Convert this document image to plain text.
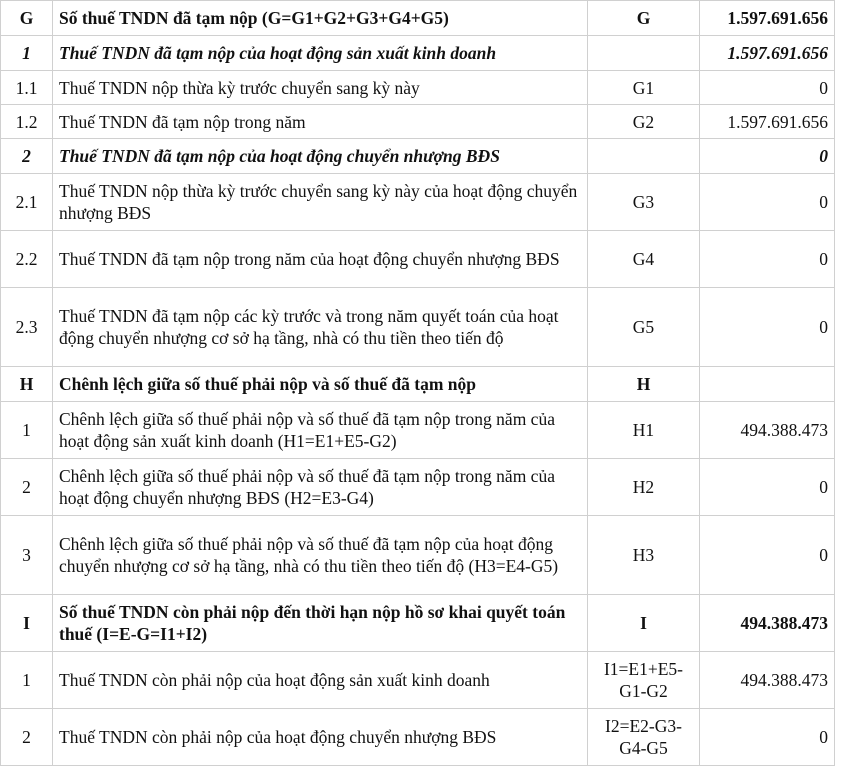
G	Số thuế TNDN đã tạm nộp (G=G1+G2+G3+G4+G5)	G	1.597.691.656
1	Thuế TNDN đã tạm nộp của hoạt động sản xuất kinh doanh		1.597.691.656
1.1	Thuế TNDN nộp thừa kỳ trước chuyển sang kỳ này	G1	0
1.2	Thuế TNDN đã tạm nộp trong năm	G2	1.597.691.656
2	Thuế TNDN đã tạm nộp của hoạt động chuyển nhượng BĐS		0
2.1	Thuế TNDN nộp thừa kỳ trước chuyển sang kỳ này của hoạt động chuyển nhượng BĐS	G3	0
2.2	Thuế TNDN đã tạm nộp trong năm của hoạt động chuyển nhượng BĐS	G4	0
2.3	Thuế TNDN đã tạm nộp các kỳ trước và trong năm quyết toán của hoạt động chuyển nhượng cơ sở hạ tầng, nhà có thu tiền theo tiến độ	G5	0
H	Chênh lệch giữa số thuế phải nộp và số thuế đã tạm nộp	H	
1	Chênh lệch giữa số thuế phải nộp và số thuế đã tạm nộp trong năm của hoạt động sản xuất kinh doanh (H1=E1+E5-G2)	H1	494.388.473
2	Chênh lệch giữa số thuế phải nộp và số thuế đã tạm nộp trong năm của hoạt động chuyển nhượng BĐS (H2=E3-G4)	H2	0
3	Chênh lệch giữa số thuế phải nộp và số thuế đã tạm nộp của hoạt động chuyển nhượng cơ sở hạ tầng, nhà có thu tiền theo tiến độ (H3=E4-G5)	H3	0
I	Số thuế TNDN còn phải nộp đến thời hạn nộp hồ sơ khai quyết toán thuế (I=E-G=I1+I2)	I	494.388.473
1	Thuế TNDN còn phải nộp của hoạt động sản xuất kinh doanh	I1=E1+E5-G1-G2	494.388.473
2	Thuế TNDN còn phải nộp của hoạt động chuyển nhượng BĐS	I2=E2-G3-G4-G5	0
